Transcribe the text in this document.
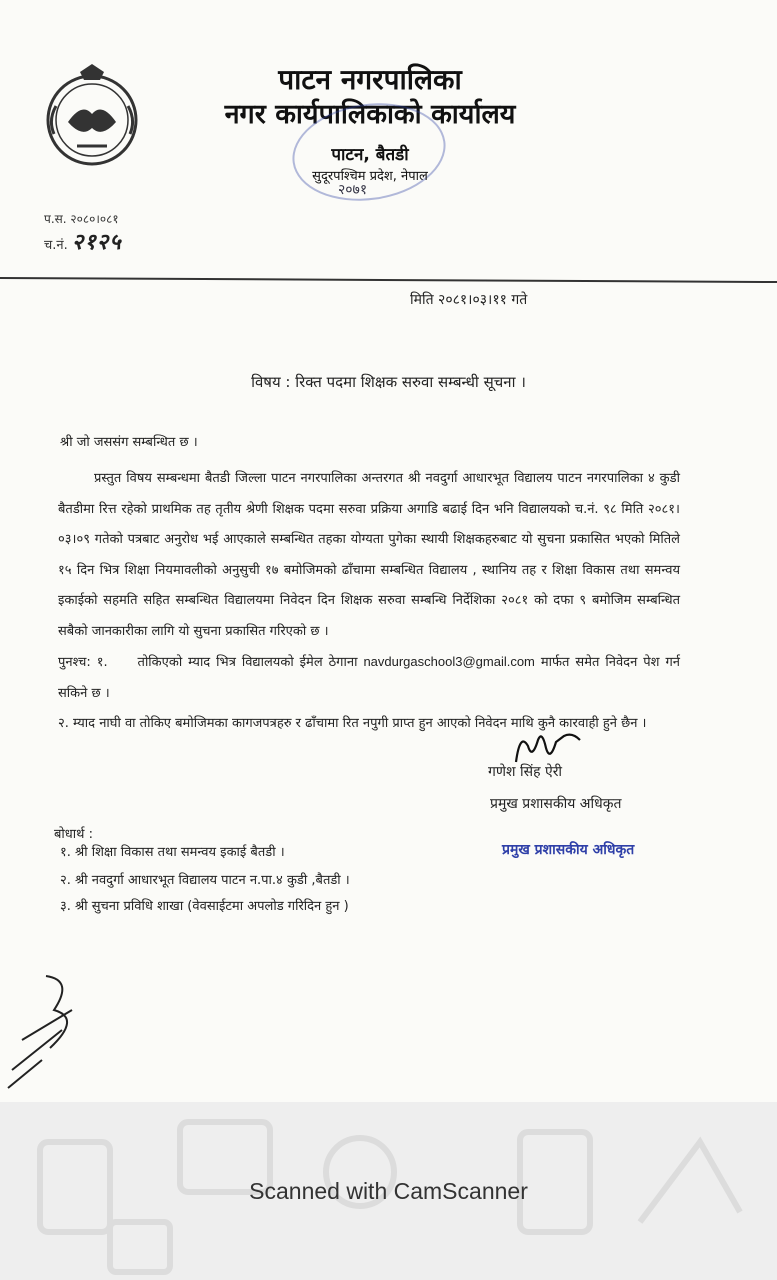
पाटन नगरपालिका
नगर कार्यपालिकाको कार्यालय
पाटन, बैतडी
सुदूरपश्चिम प्रदेश, नेपाल
२०७१
प.स. २०८०।०८१
च.नं. २१२५
मिति २०८१।०३।११ गते
विषय : रिक्त पदमा शिक्षक सरुवा सम्बन्धी सूचना ।
श्री जो जससंग सम्बन्धित छ ।

प्रस्तुत विषय सम्बन्धमा बैतडी जिल्ला पाटन नगरपालिका अन्तरगत श्री नवदुर्गा आधारभूत विद्यालय पाटन नगरपालिका ४ कुडी बैतडीमा रित्त रहेको प्राथमिक तह तृतीय श्रेणी शिक्षक पदमा सरुवा प्रक्रिया अगाडि बढाई दिन भनि विद्यालयको च.नं. ९८ मिति २०८१।०३।०९ गतेको पत्रबाट अनुरोध भई आएकाले सम्बन्धित तहका योग्यता पुगेका स्थायी शिक्षकहरुबाट यो सुचना प्रकासित भएको मितिले १५ दिन भित्र शिक्षा नियमावलीको अनुसुची १७ बमोजिमको ढाँचामा सम्बन्धित विद्यालय , स्थानिय तह र शिक्षा विकास तथा समन्वय इकाईको सहमति सहित सम्बन्धित विद्यालयमा निवेदन दिन शिक्षक सरुवा सम्बन्धि निर्देशिका २०८१ को दफा ९ बमोजिम सम्बन्धित सबैको जानकारीका लागि यो सुचना प्रकासित गरिएको छ ।

पुनश्च: १. तोकिएको म्याद भित्र विद्यालयको ईमेल ठेगाना navdurgaschool3@gmail.com मार्फत समेत निवेदन पेश गर्न सकिने छ ।

२. म्याद नाघी वा तोकिए बमोजिमका कागजपत्रहरु र ढाँचामा रित नपुगी प्राप्त हुन आएको निवेदन माथि कुनै कारवाही हुने छैन ।

गणेश सिंह ऐरी
प्रमुख प्रशासकीय अधिकृत
प्रमुख प्रशासकीय अधिकृत
बोधार्थ :
१. श्री शिक्षा विकास तथा समन्वय इकाई बैतडी ।
२. श्री नवदुर्गा आधारभूत विद्यालय पाटन न.पा.४ कुडी ,बैतडी ।
३. श्री सुचना प्रविधि शाखा (वेवसाईटमा अपलोड गरिदिन हुन )
Scanned with CamScanner
